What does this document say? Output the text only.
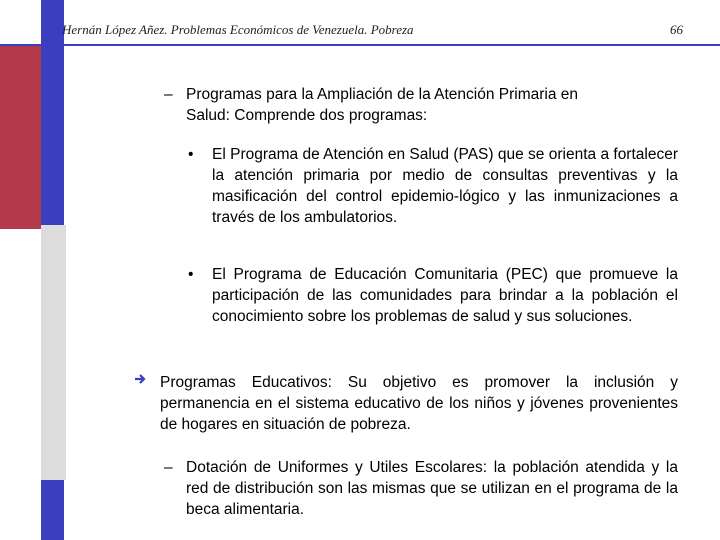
Hernán López Añez. Problemas Económicos de Venezuela. Pobreza	66
– Programas para la Ampliación de la Atención Primaria en
Salud: Comprende dos programas:
• El Programa de Atención en Salud (PAS) que se orienta a fortalecer la atención primaria por medio de consultas preventivas y la masificación del control epidemio-lógico y las inmunizaciones a través de los ambulatorios.
• El Programa de Educación Comunitaria (PEC) que promueve la participación de las comunidades para brindar a la población el conocimiento sobre los problemas de salud y sus soluciones.
Programas Educativos: Su objetivo es promover la inclusión y permanencia en el sistema educativo de los niños y jóvenes provenientes de hogares en situación de pobreza.
– Dotación de Uniformes y Utiles Escolares: la población atendida y la red de distribución son las mismas que se utilizan en el programa de la beca alimentaria.
